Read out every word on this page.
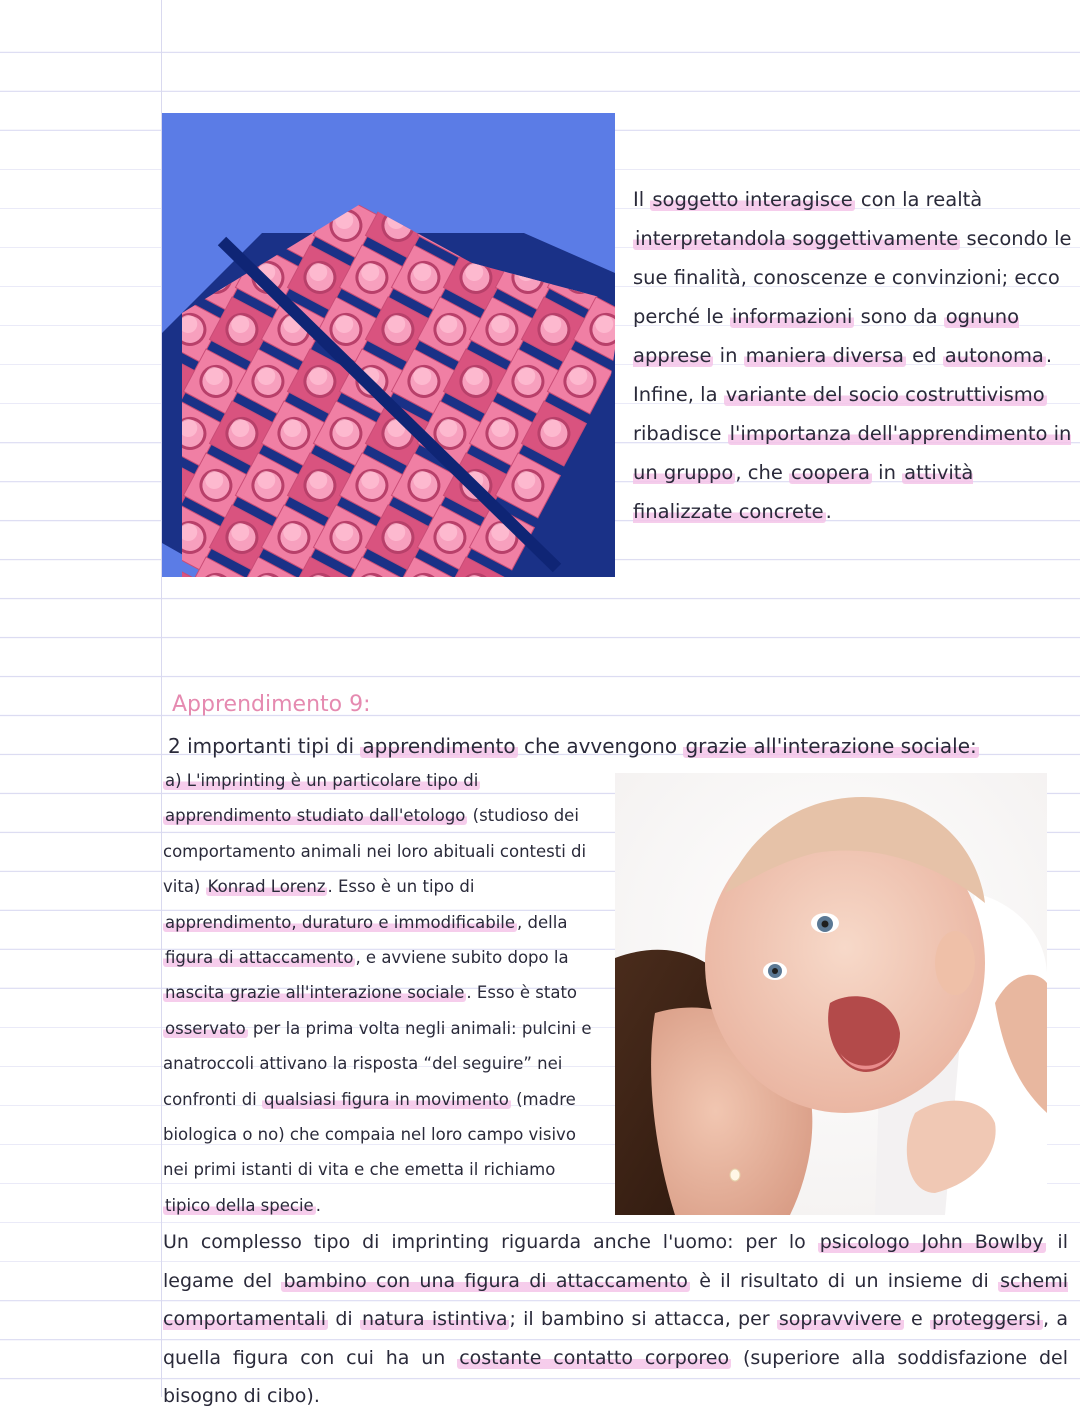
Il soggetto interagisce con la realtà interpretandola soggettivamente secondo le sue finalità, conoscenze e convinzioni; ecco perché le informazioni sono da ognuno apprese in maniera diversa ed autonoma . Infine, la variante del socio costruttivismo ribadisce l'importanza dell'apprendimento in un gruppo , che coopera in attività finalizzate concrete .
Apprendimento 9:

2 importanti tipi di apprendimento che avvengono grazie all'interazione sociale:

a) L'imprinting è un particolare tipo di apprendimento studiato dall'etologo (studioso dei comportamento animali nei loro abituali contesti di vita) Konrad Lorenz . Esso è un tipo di apprendimento, duraturo e immodificabile , della figura di attaccamento , e avviene subito dopo la nascita grazie all'interazione sociale . Esso è stato osservato per la prima volta negli animali: pulcini e anatroccoli attivano la risposta “del seguire” nei confronti di qualsiasi figura in movimento (madre biologica o no) che compaia nel loro campo visivo nei primi istanti di vita e che emetta il richiamo tipico della specie .

Un complesso tipo di imprinting riguarda anche l'uomo: per lo psicologo John Bowlby il legame del bambino con una figura di attaccamento è il risultato di un insieme di schemi comportamentali di natura istintiva ; il bambino si attacca, per sopravvivere e proteggersi , a quella figura con cui ha un costante contatto corporeo (superiore alla soddisfazione del bisogno di cibo).
